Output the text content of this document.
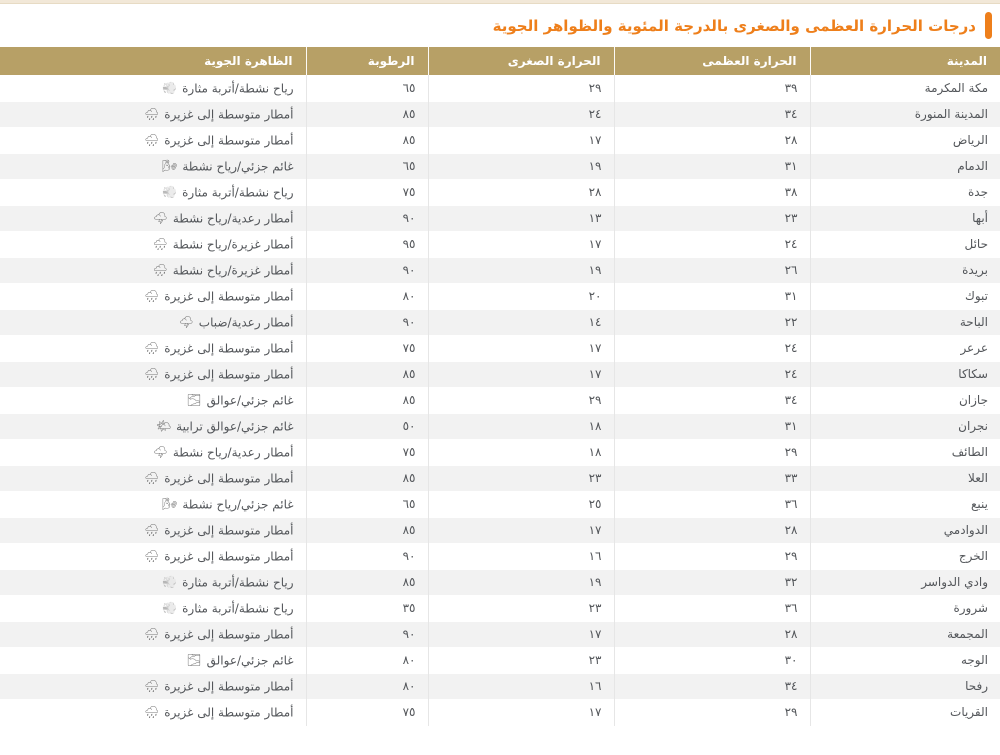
درجات الحرارة العظمى والصغرى بالدرجة المئوية والظواهر الجوية
المدينة	الحرارة العظمى	الحرارة الصغرى	الرطوبة	الظاهرة الجوية
مكة المكرمة	٣٩	٢٩	٦٥	رياح نشطة/أتربة مثارة💨
المدينة المنورة	٣٤	٢٤	٨٥	أمطار متوسطة إلى غزيرة🌧
الرياض	٢٨	١٧	٨٥	أمطار متوسطة إلى غزيرة🌧
الدمام	٣١	١٩	٦٥	غائم جزئي/رياح نشطة🌬
جدة	٣٨	٢٨	٧٥	رياح نشطة/أتربة مثارة💨
أبها	٢٣	١٣	٩٠	أمطار رعدية/رياح نشطة🌩
حائل	٢٤	١٧	٩٥	أمطار غزيرة/رياح نشطة🌧
بريدة	٢٦	١٩	٩٠	أمطار غزيرة/رياح نشطة🌧
تبوك	٣١	٢٠	٨٠	أمطار متوسطة إلى غزيرة🌧
الباحة	٢٢	١٤	٩٠	أمطار رعدية/ضباب🌩
عرعر	٢٤	١٧	٧٥	أمطار متوسطة إلى غزيرة🌧
سكاكا	٢٤	١٧	٨٥	أمطار متوسطة إلى غزيرة🌧
جازان	٣٤	٢٩	٨٥	غائم جزئي/عوالق🌫
نجران	٣١	١٨	٥٠	غائم جزئي/عوالق ترابية🌤
الطائف	٢٩	١٨	٧٥	أمطار رعدية/رياح نشطة🌩
العلا	٣٣	٢٣	٨٥	أمطار متوسطة إلى غزيرة🌧
ينبع	٣٦	٢٥	٦٥	غائم جزئي/رياح نشطة🌬
الدوادمي	٢٨	١٧	٨٥	أمطار متوسطة إلى غزيرة🌧
الخرج	٢٩	١٦	٩٠	أمطار متوسطة إلى غزيرة🌧
وادي الدواسر	٣٢	١٩	٨٥	رياح نشطة/أتربة مثارة💨
شرورة	٣٦	٢٣	٣٥	رياح نشطة/أتربة مثارة💨
المجمعة	٢٨	١٧	٩٠	أمطار متوسطة إلى غزيرة🌧
الوجه	٣٠	٢٣	٨٠	غائم جزئي/عوالق🌫
رفحا	٣٤	١٦	٨٠	أمطار متوسطة إلى غزيرة🌧
القريات	٢٩	١٧	٧٥	أمطار متوسطة إلى غزيرة🌧
